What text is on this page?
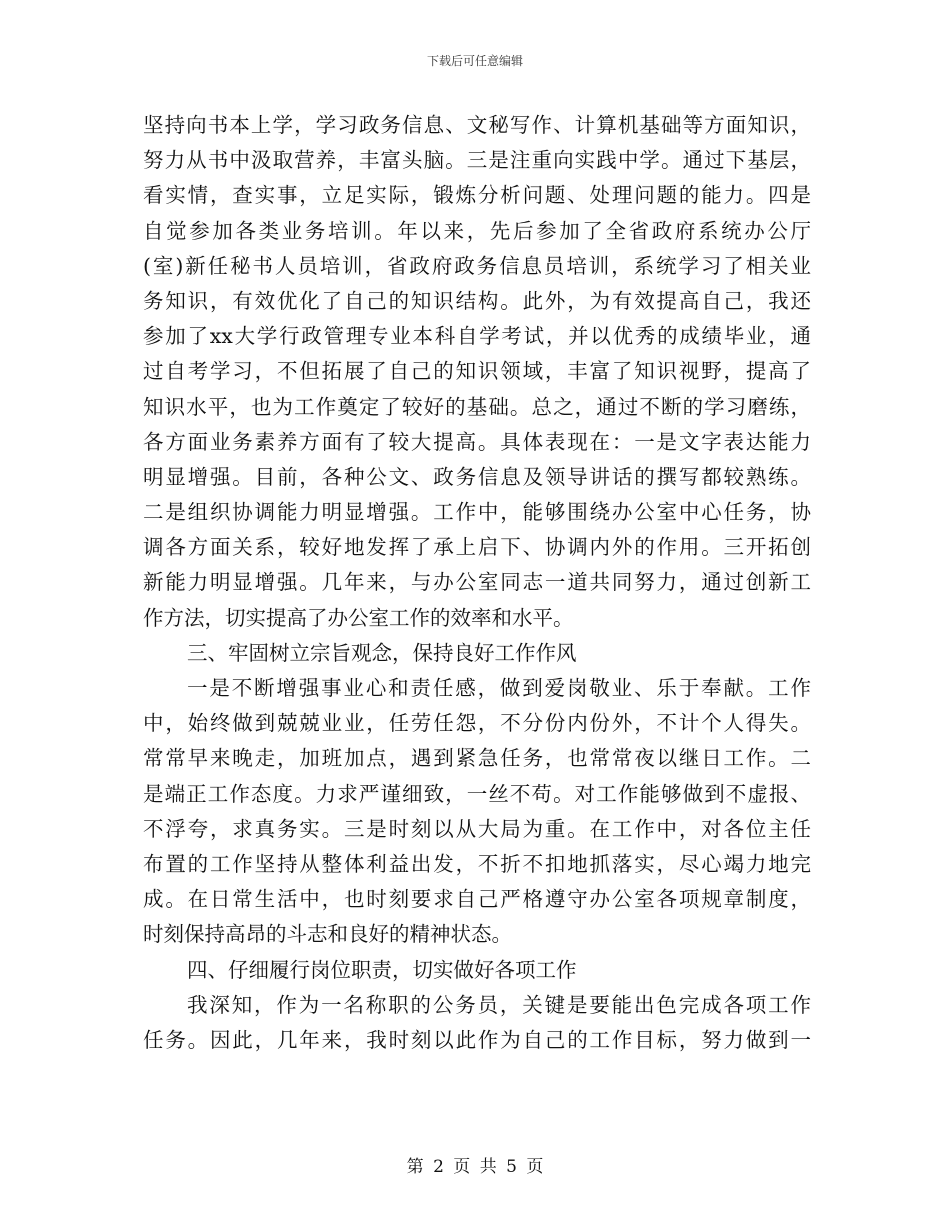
下载后可任意编辑
坚持向书本上学，学习政务信息、文秘写作、计算机基础等方面知识，
努力从书中汲取营养，丰富头脑。三是注重向实践中学。通过下基层，
看实情，查实事，立足实际，锻炼分析问题、处理问题的能力。四是
自觉参加各类业务培训。年以来，先后参加了全省政府系统办公厅
(室)新任秘书人员培训，省政府政务信息员培训，系统学习了相关业
务知识，有效优化了自己的知识结构。此外，为有效提高自己，我还
参加了xx大学行政管理专业本科自学考试，并以优秀的成绩毕业，通
过自考学习，不但拓展了自己的知识领域，丰富了知识视野，提高了
知识水平，也为工作奠定了较好的基础。总之，通过不断的学习磨练，
各方面业务素养方面有了较大提高。具体表现在：一是文字表达能力
明显增强。目前，各种公文、政务信息及领导讲话的撰写都较熟练。
二是组织协调能力明显增强。工作中，能够围绕办公室中心任务，协
调各方面关系，较好地发挥了承上启下、协调内外的作用。三开拓创
新能力明显增强。几年来，与办公室同志一道共同努力，通过创新工
作方法，切实提高了办公室工作的效率和水平。
三、牢固树立宗旨观念，保持良好工作作风
一是不断增强事业心和责任感，做到爱岗敬业、乐于奉献。工作
中，始终做到兢兢业业，任劳任怨，不分份内份外，不计个人得失。
常常早来晚走，加班加点，遇到紧急任务，也常常夜以继日工作。二
是端正工作态度。力求严谨细致，一丝不苟。对工作能够做到不虚报、
不浮夸，求真务实。三是时刻以从大局为重。在工作中，对各位主任
布置的工作坚持从整体利益出发，不折不扣地抓落实，尽心竭力地完
成。在日常生活中，也时刻要求自己严格遵守办公室各项规章制度，
时刻保持高昂的斗志和良好的精神状态。
四、仔细履行岗位职责，切实做好各项工作
我深知，作为一名称职的公务员，关键是要能出色完成各项工作
任务。因此，几年来，我时刻以此作为自己的工作目标，努力做到一
第 2 页 共 5 页
